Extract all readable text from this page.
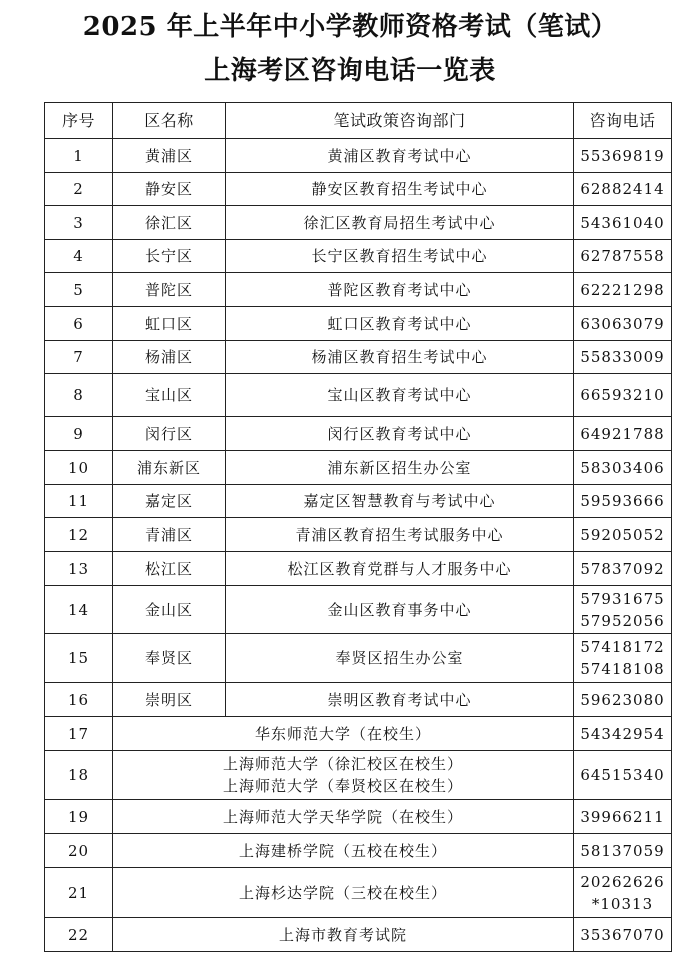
2025 年上半年中小学教师资格考试（笔试）
上海考区咨询电话一览表
序号	区名称	笔试政策咨询部门	咨询电话
1	黄浦区	黄浦区教育考试中心	55369819

2	静安区	静安区教育招生考试中心	62882414

3	徐汇区	徐汇区教育局招生考试中心	54361040

4	长宁区	长宁区教育招生考试中心	62787558

5	普陀区	普陀区教育考试中心	62221298

6	虹口区	虹口区教育考试中心	63063079

7	杨浦区	杨浦区教育招生考试中心	55833009

8	宝山区	宝山区教育考试中心	66593210

9	闵行区	闵行区教育考试中心	64921788

10	浦东新区	浦东新区招生办公室	58303406

11	嘉定区	嘉定区智慧教育与考试中心	59593666

12	青浦区	青浦区教育招生考试服务中心	59205052

13	松江区	松江区教育党群与人才服务中心	57837092

14	金山区	金山区教育事务中心	57931675
57952056

15	奉贤区	奉贤区招生办公室	57418172
57418108

16	崇明区	崇明区教育考试中心	59623080

17	华东师范大学（在校生）		54342954

18	上海师范大学（徐汇校区在校生）
上海师范大学（奉贤校区在校生）		64515340

19	上海师范大学天华学院（在校生）		39966211

20	上海建桥学院（五校在校生）		58137059

21	上海杉达学院（三校在校生）		20262626
*10313

22	上海市教育考试院		35367070
